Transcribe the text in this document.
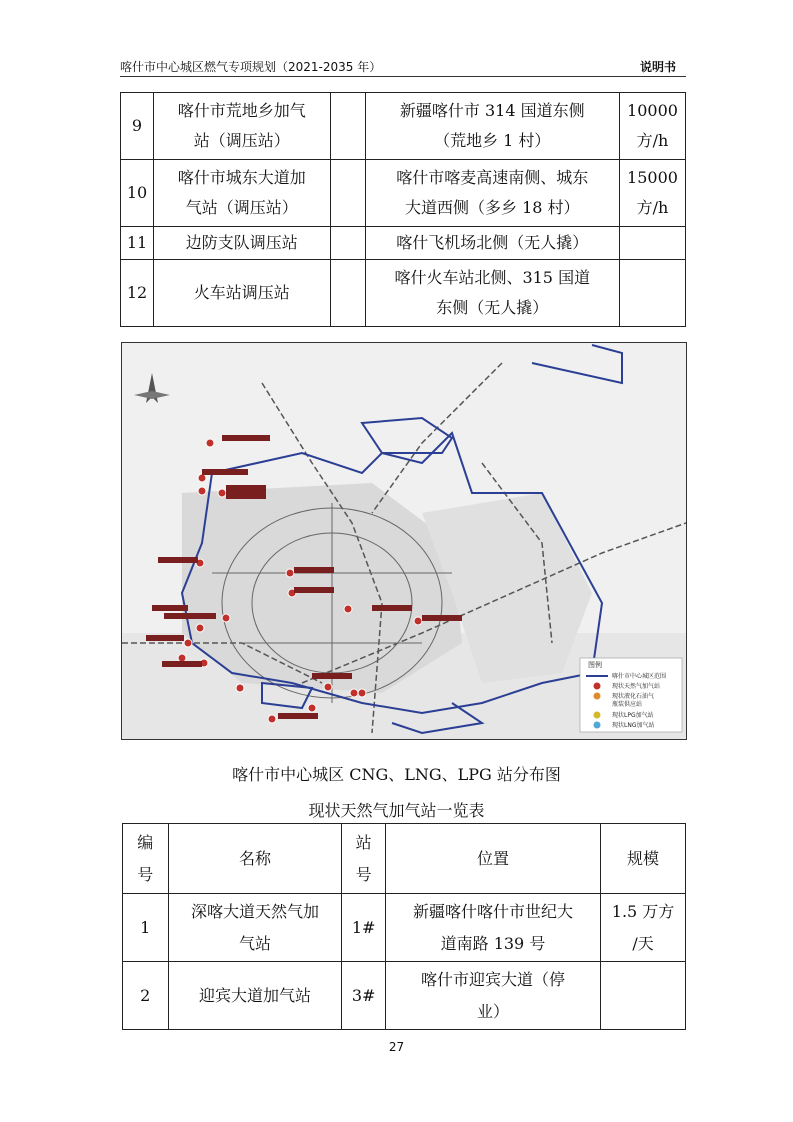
喀什市中心城区燃气专项规划（2021-2035 年）	说明书
9	喀什市荒地乡加气
站（调压站）		新疆喀什市 314 国道东侧
（荒地乡 1 村）	10000
方/h
10	喀什市城东大道加
气站（调压站）		喀什市喀麦高速南侧、城东
大道西侧（多乡 18 村）	15000
方/h
11	边防支队调压站		喀什飞机场北侧（无人撬）	
12	火车站调压站		喀什火车站北侧、315 国道
东侧（无人撬）	
图例
喀什市中心城区范围
现状天然气加气站
现状液化石油气
瓶装供应站
现状LPG加气站
现状LNG加气站
喀什市中心城区 CNG、LNG、LPG 站分布图
现状天然气加气站一览表
编
号	名称	站
号	位置	规模
1	深喀大道天然气加
气站	1#	新疆喀什喀什市世纪大
道南路 139 号	1.5 万方
/天
2	迎宾大道加气站	3#	喀什市迎宾大道（停
业）	
27
